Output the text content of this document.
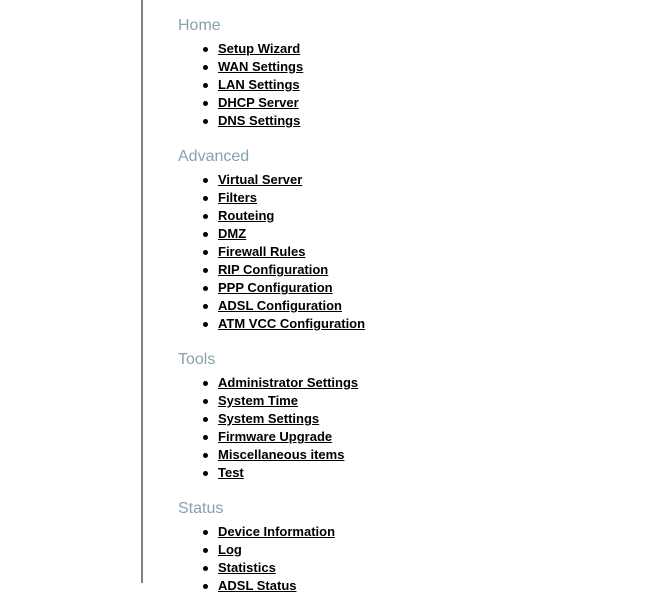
Home
Setup Wizard
WAN Settings
LAN Settings
DHCP Server
DNS Settings
Advanced
Virtual Server
Filters
Routeing
DMZ
Firewall Rules
RIP Configuration
PPP Configuration
ADSL Configuration
ATM VCC Configuration
Tools
Administrator Settings
System Time
System Settings
Firmware Upgrade
Miscellaneous items
Test
Status
Device Information
Log
Statistics
ADSL Status
